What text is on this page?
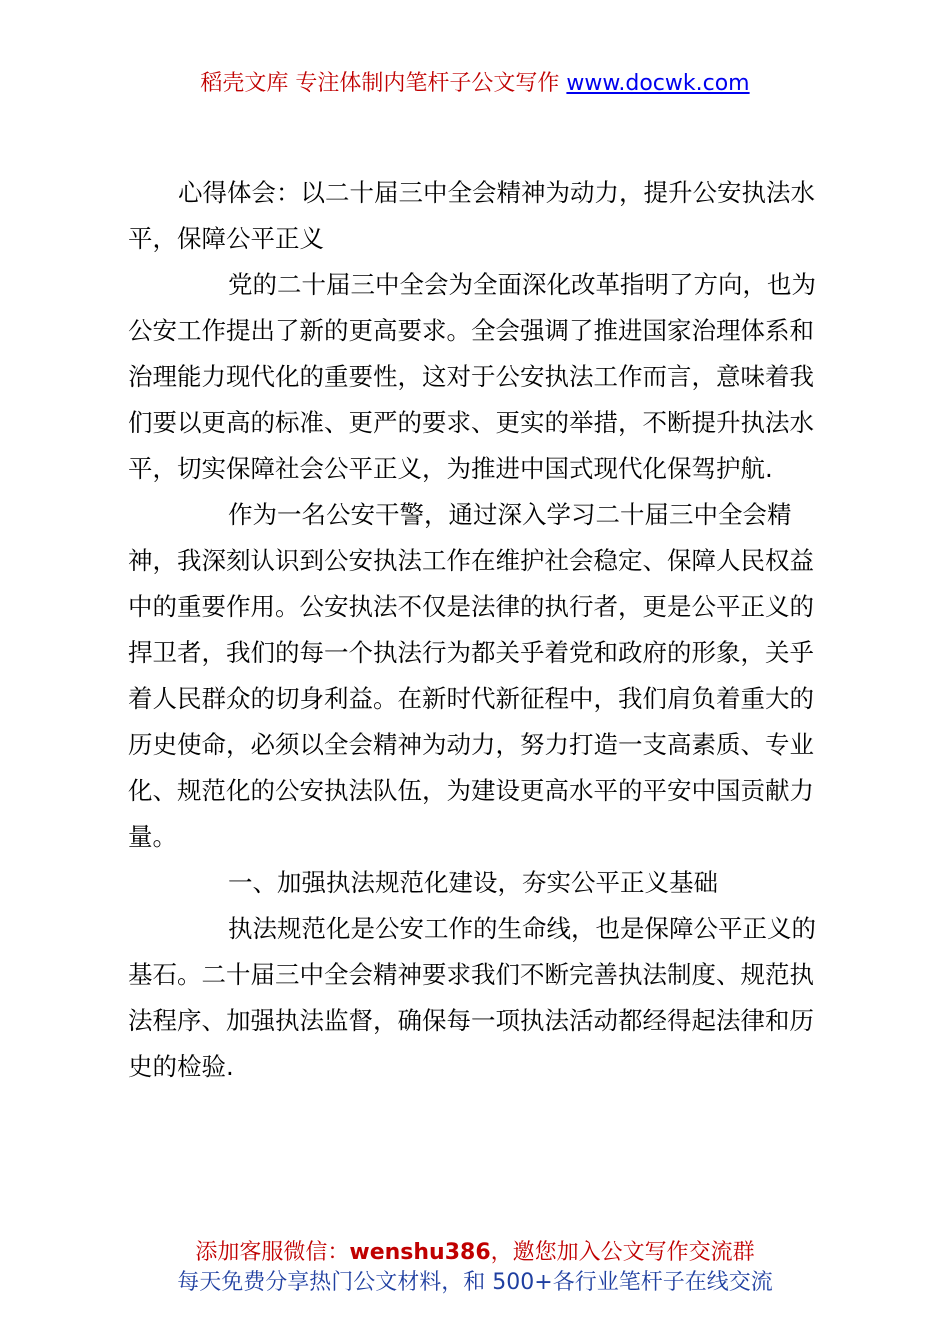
稻壳文库 专注体制内笔杆子公文写作 www.docwk.com

心得体会：以二十届三中全会精神为动力，提升公安执法水平，保障公平正义

党的二十届三中全会为全面深化改革指明了方向，也为公安工作提出了新的更高要求。全会强调了推进国家治理体系和治理能力现代化的重要性，这对于公安执法工作而言，意味着我们要以更高的标准、更严的要求、更实的举措，不断提升执法水平，切实保障社会公平正义，为推进中国式现代化保驾护航.

作为一名公安干警，通过深入学习二十届三中全会精神，我深刻认识到公安执法工作在维护社会稳定、保障人民权益中的重要作用。公安执法不仅是法律的执行者，更是公平正义的捍卫者，我们的每一个执法行为都关乎着党和政府的形象，关乎着人民群众的切身利益。在新时代新征程中，我们肩负着重大的历史使命，必须以全会精神为动力，努力打造一支高素质、专业化、规范化的公安执法队伍，为建设更高水平的平安中国贡献力量。

一、加强执法规范化建设，夯实公平正义基础

执法规范化是公安工作的生命线，也是保障公平正义的基石。二十届三中全会精神要求我们不断完善执法制度、规范执法程序、加强执法监督，确保每一项执法活动都经得起法律和历史的检验.

添加客服微信：wenshu386，邀您加入公文写作交流群
每天免费分享热门公文材料，和 500+各行业笔杆子在线交流
